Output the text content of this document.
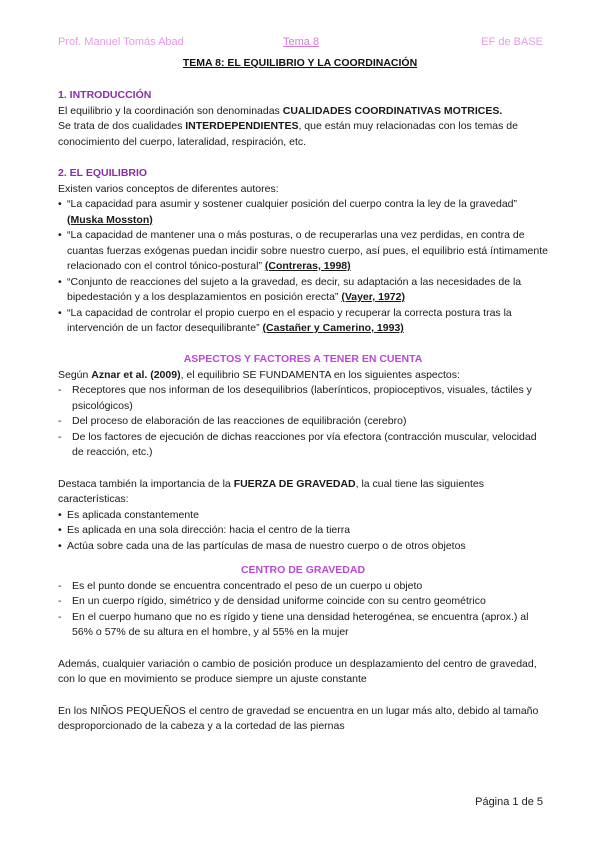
Prof. Manuel Tomás Abad	Tema 8	EF de BASE
TEMA 8: EL EQUILIBRIO Y LA COORDINACIÓN
1. INTRODUCCIÓN
El equilibrio y la coordinación son denominadas CUALIDADES COORDINATIVAS MOTRICES.
Se trata de dos cualidades INTERDEPENDIENTES, que están muy relacionadas con los temas de conocimiento del cuerpo, lateralidad, respiración, etc.
2. EL EQUILIBRIO
Existen varios conceptos de diferentes autores:
• “La capacidad para asumir y sostener cualquier posición del cuerpo contra la ley de la gravedad” (Muska Mosston)
• “La capacidad de mantener una o más posturas, o de recuperarlas una vez perdidas, en contra de cuantas fuerzas exógenas puedan incidir sobre nuestro cuerpo, así pues, el equilibrio está íntimamente relacionado con el control tónico-postural” (Contreras, 1998)
• “Conjunto de reacciones del sujeto a la gravedad, es decir, su adaptación a las necesidades de la bipedestación y a los desplazamientos en posición erecta” (Vayer, 1972)
• “La capacidad de controlar el propio cuerpo en el espacio y recuperar la correcta postura tras la intervención de un factor desequilibrante” (Castañer y Camerino, 1993)
ASPECTOS Y FACTORES A TENER EN CUENTA
Según Aznar et al. (2009), el equilibrio SE FUNDAMENTA en los siguientes aspectos:
- Receptores que nos informan de los desequilibrios (laberínticos, propioceptivos, visuales, táctiles y psicológicos)
- Del proceso de elaboración de las reacciones de equilibración (cerebro)
- De los factores de ejecución de dichas reacciones por vía efectora (contracción muscular, velocidad de reacción, etc.)
Destaca también la importancia de la FUERZA DE GRAVEDAD, la cual tiene las siguientes características:
• Es aplicada constantemente
• Es aplicada en una sola dirección: hacia el centro de la tierra
• Actúa sobre cada una de las partículas de masa de nuestro cuerpo o de otros objetos
CENTRO DE GRAVEDAD
- Es el punto donde se encuentra concentrado el peso de un cuerpo u objeto
- En un cuerpo rígido, simétrico y de densidad uniforme coincide con su centro geométrico
- En el cuerpo humano que no es rígido y tiene una densidad heterogénea, se encuentra (aprox.) al 56% o 57% de su altura en el hombre, y al 55% en la mujer
Además, cualquier variación o cambio de posición produce un desplazamiento del centro de gravedad, con lo que en movimiento se produce siempre un ajuste constante
En los NIÑOS PEQUEÑOS el centro de gravedad se encuentra en un lugar más alto, debido al tamaño desproporcionado de la cabeza y a la cortedad de las piernas
Página 1 de 5
